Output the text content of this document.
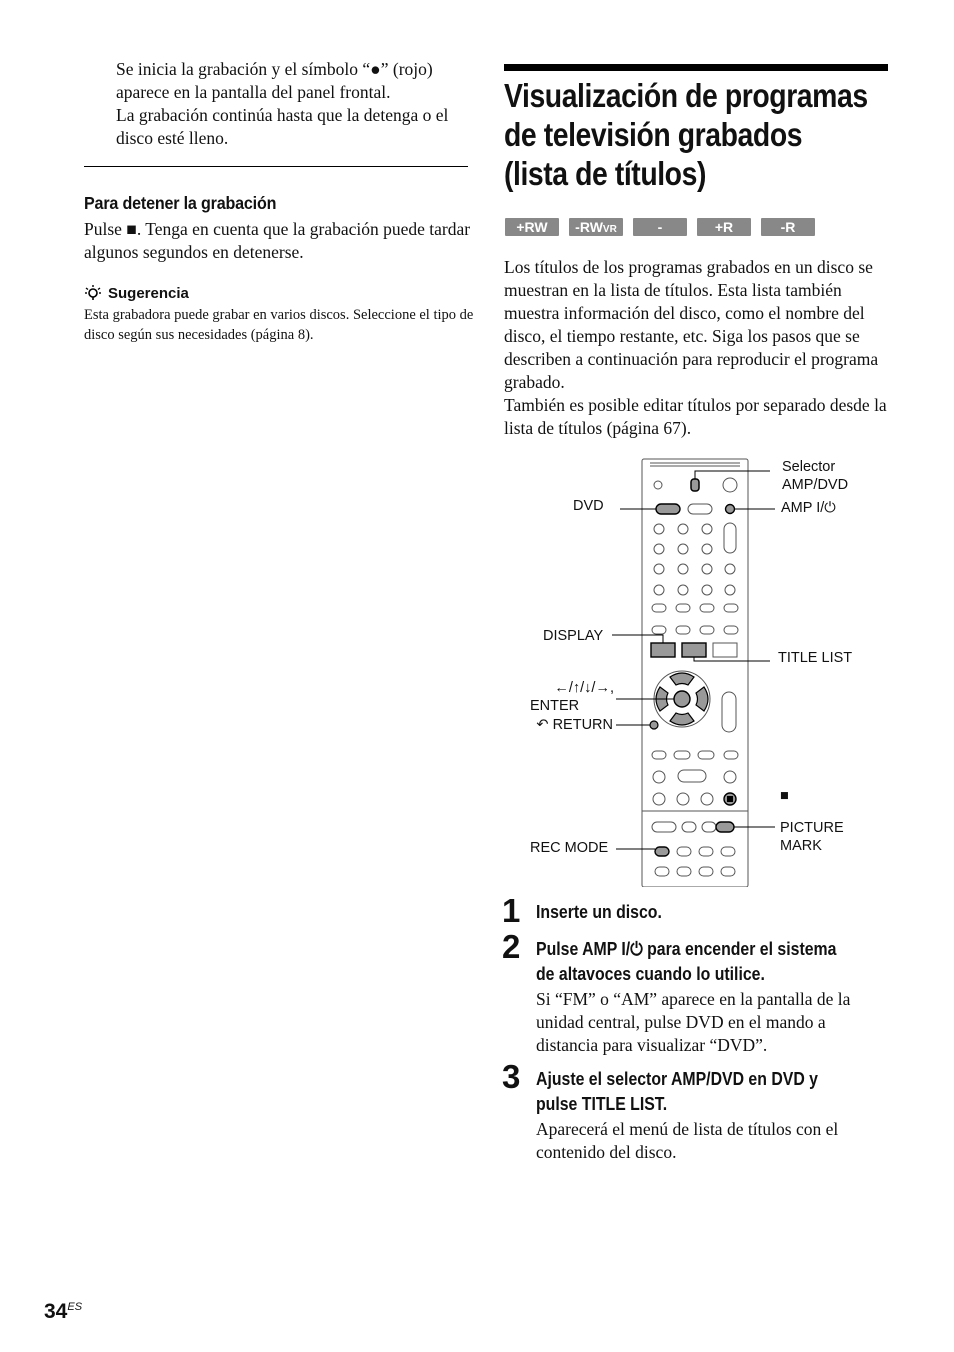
Se inicia la grabación y el símbolo “●” (rojo) aparece en la pantalla del panel frontal.

La grabación continúa hasta que la detenga o el disco esté lleno.

Para detener la grabación

Pulse ■. Tenga en cuenta que la grabación puede tardar algunos segundos en detenerse.

Sugerencia

Esta grabadora puede grabar en varios discos. Seleccione el tipo de disco según sus necesidades (página 8).

Visualización de programas
de televisión grabados
(lista de títulos)
+RW	-RWVR	-RWVideo
+R	-R

Los títulos de los programas grabados en un disco se muestran en la lista de títulos. Esta lista también muestra información del disco, como el nombre del disco, el tiempo restante, etc. Siga los pasos que se describen a continuación para reproducir el programa grabado.

También es posible editar títulos por separado desde la lista de títulos (página 67).

Selector AMP/DVD
DVD	AMP I/⏻
DISPLAY
TITLE LIST
←/↑/↓/→,
ENTER
↶ RETURN
■
PICTURE
MARK
REC MODE
1 Inserte un disco.
2 Pulse AMP I/⏻ para encender el sistema
de altavoces cuando lo utilice.

Si “FM” o “AM” aparece en la pantalla de la unidad central, pulse DVD en el mando a distancia para visualizar “DVD”.

3 Ajuste el selector AMP/DVD en DVD y
pulse TITLE LIST.

Aparecerá el menú de lista de títulos con el contenido del disco.

$34^{ES}$
